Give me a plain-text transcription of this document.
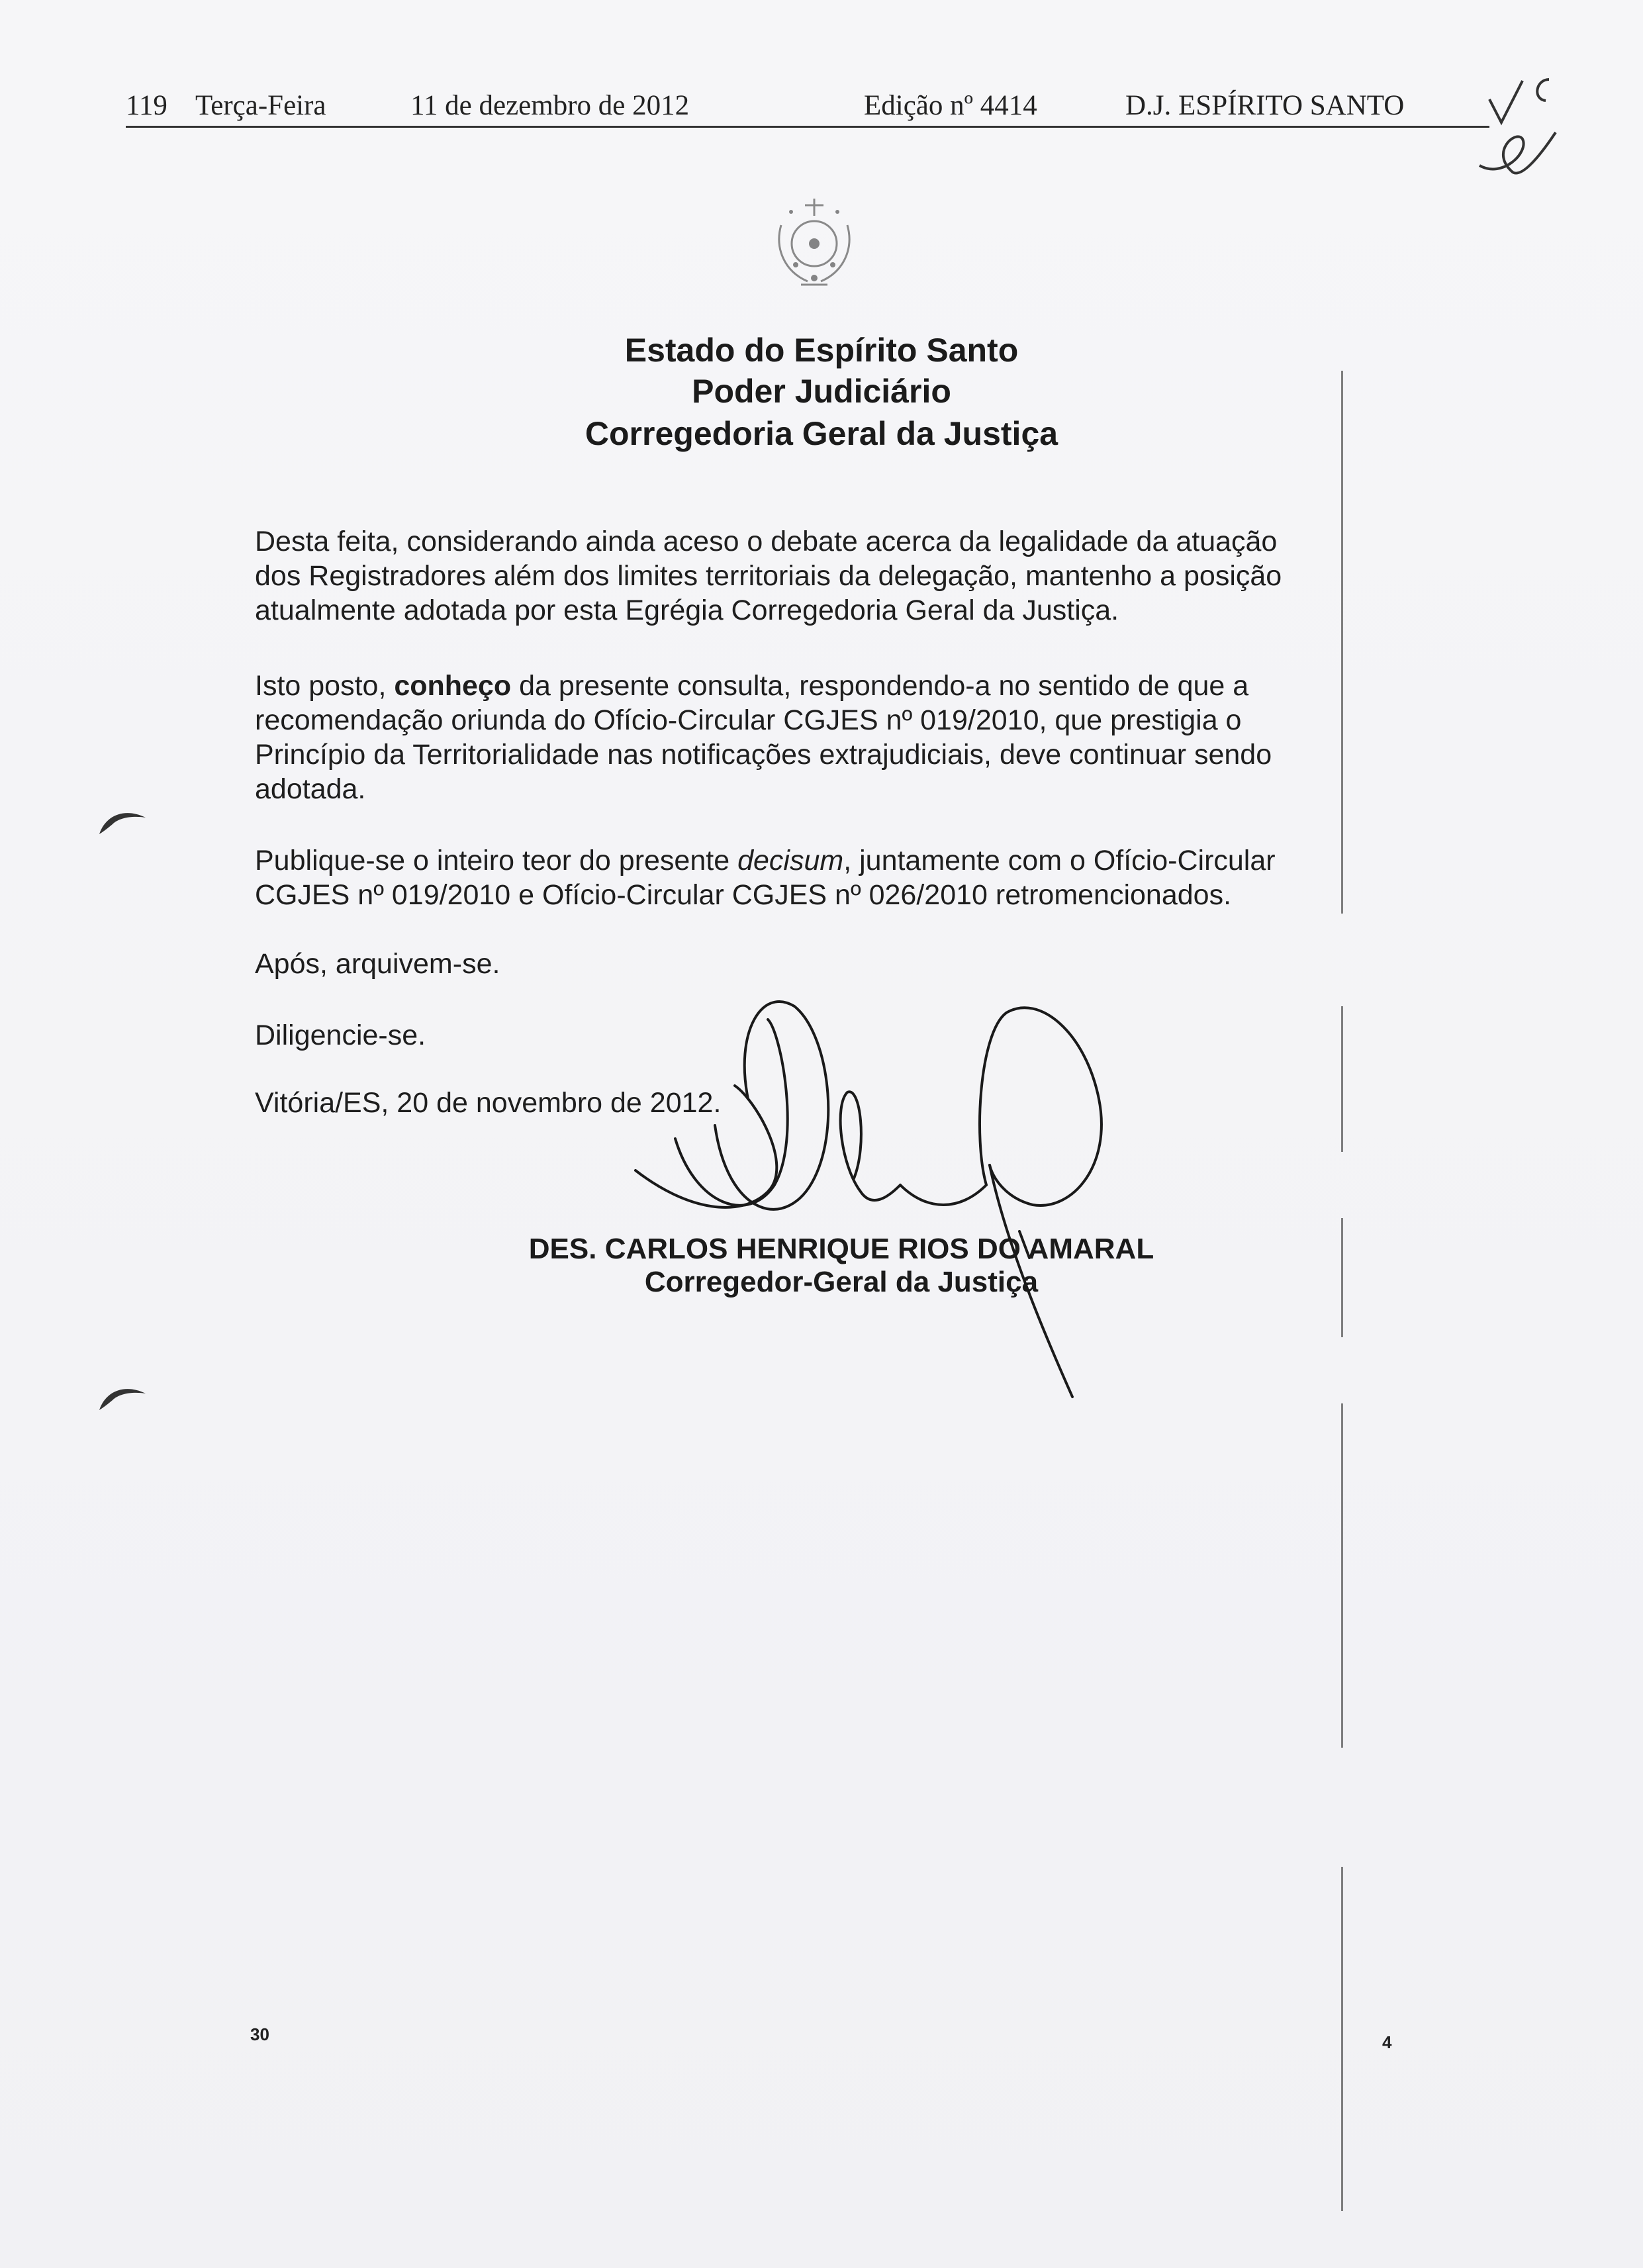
119 Terça-Feira	11 de dezembro de 2012	Edição nº 4414	D.J. ESPÍRITO SANTO
Estado do Espírito Santo
Poder Judiciário
Corregedoria Geral da Justiça
Desta feita, considerando ainda aceso o debate acerca da legalidade da atuação
dos Registradores além dos limites territoriais da delegação, mantenho a posição
atualmente adotada por esta Egrégia Corregedoria Geral da Justiça.
Isto posto, conheço da presente consulta, respondendo-a no sentido de que a
recomendação oriunda do Ofício-Circular CGJES nº 019/2010, que prestigia o
Princípio da Territorialidade nas notificações extrajudiciais, deve continuar sendo
adotada.
Publique-se o inteiro teor do presente decisum, juntamente com o Ofício-Circular
CGJES nº 019/2010 e Ofício-Circular CGJES nº 026/2010 retromencionados.
Após, arquivem-se.
Diligencie-se.
Vitória/ES, 20 de novembro de 2012.
DES. CARLOS HENRIQUE RIOS DO AMARAL
Corregedor-Geral da Justiça
30	4
